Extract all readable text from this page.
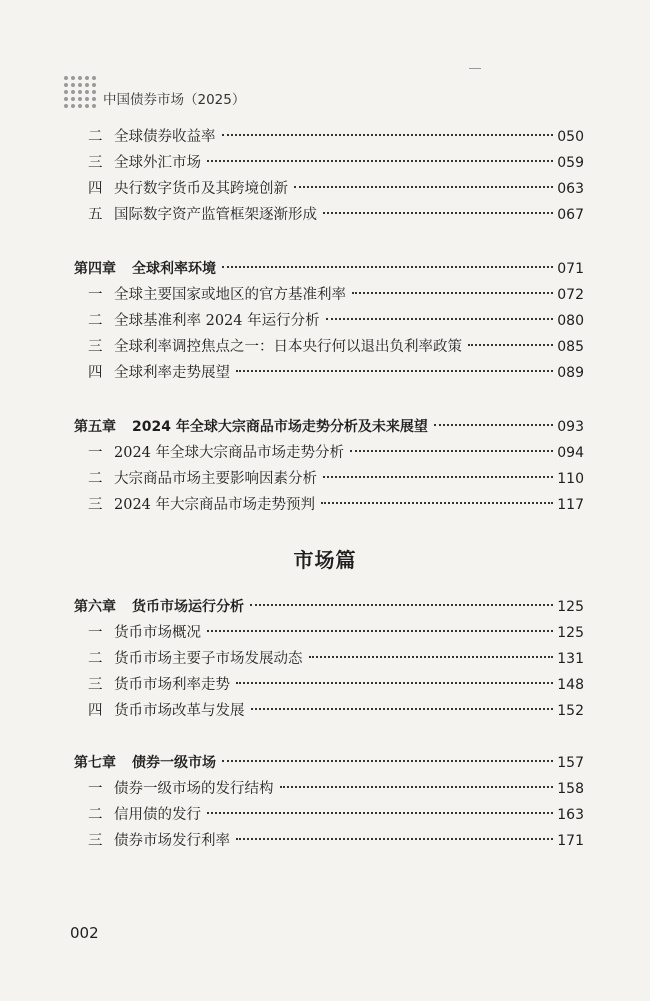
中国债券市场（2025）
二 全球债券收益率	050
三 全球外汇市场	059
四 央行数字货币及其跨境创新	063
五 国际数字资产监管框架逐渐形成	067
第四章 全球利率环境	071
一 全球主要国家或地区的官方基准利率	072
二 全球基准利率 2024 年运行分析	080
三 全球利率调控焦点之一：日本央行何以退出负利率政策	085
四 全球利率走势展望	089
第五章 2024 年全球大宗商品市场走势分析及未来展望	093
一 2024 年全球大宗商品市场走势分析	094
二 大宗商品市场主要影响因素分析	110
三 2024 年大宗商品市场走势预判	117
市场篇
第六章 货币市场运行分析	125
一 货币市场概况	125
二 货币市场主要子市场发展动态	131
三 货币市场利率走势	148
四 货币市场改革与发展	152
第七章 债券一级市场	157
一 债券一级市场的发行结构	158
二 信用债的发行	163
三 债券市场发行利率	171
002
